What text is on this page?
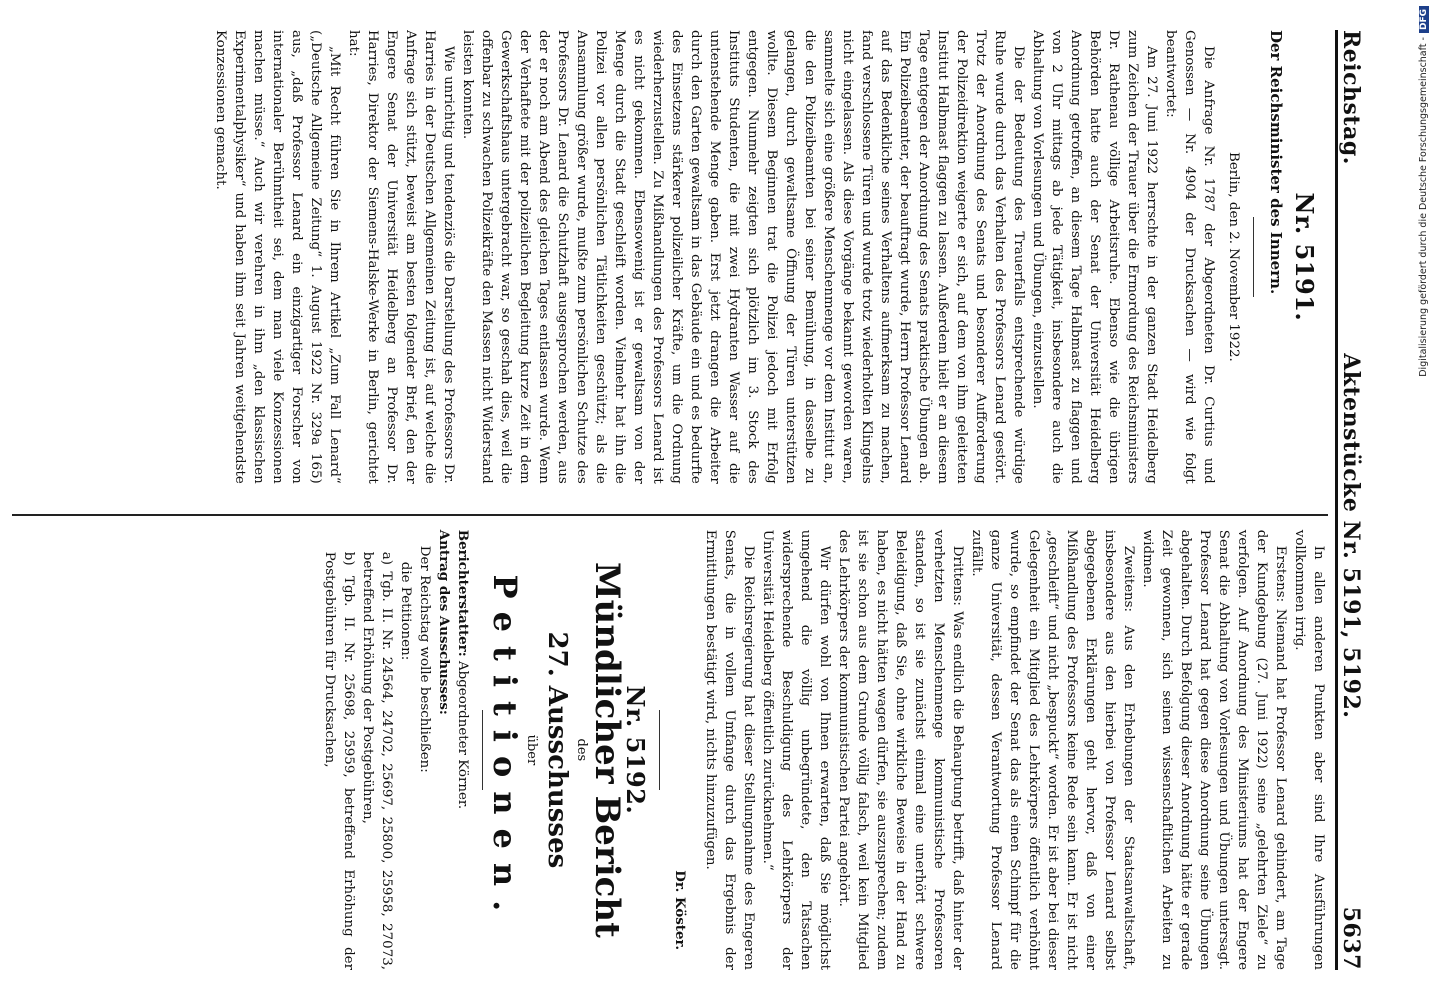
Reichstag.
Aktenstücke Nr. 5191, 5192.
5637
Nr. 5191.
Der Reichsminister des Innern.
Berlin, den 2. November 1922.

Die Anfrage Nr. 1787 der Abgeordneten Dr. Curtius und Genossen — Nr. 4904 der Drucksachen — wird wie folgt beantwortet:

Am 27. Juni 1922 herrschte in der ganzen Stadt Heidelberg zum Zeichen der Trauer über die Ermordung des Reichsministers Dr. Rathenau völlige Arbeitsruhe. Ebenso wie die übrigen Behörden hatte auch der Senat der Universität Heidelberg Anordnung getroffen, an diesem Tage Halbmast zu flaggen und von 2 Uhr mittags ab jede Tätigkeit, insbesondere auch die Abhaltung von Vorlesungen und Übungen, einzustellen.

Die der Bedeutung des Trauerfalls entsprechende würdige Ruhe wurde durch das Verhalten des Professors Lenard gestört. Trotz der Anordnung des Senats und besonderer Aufforderung der Polizeidirektion weigerte er sich, auf dem von ihm geleiteten Institut Halbmast flaggen zu lassen. Außerdem hielt er an diesem Tage entgegen der Anordnung des Senats praktische Übungen ab. Ein Polizeibeamter, der beauftragt wurde, Herrn Professor Lenard auf das Bedenkliche seines Verhaltens aufmerksam zu machen, fand verschlossene Türen und wurde trotz wiederholten Klingelns nicht eingelassen. Als diese Vorgänge bekannt geworden waren, sammelte sich eine größere Menschenmenge vor dem Institut an, die den Polizeibeamten bei seiner Bemühung, in dasselbe zu gelangen, durch gewaltsame Öffnung der Türen unterstützen wollte. Diesem Beginnen trat die Polizei jedoch mit Erfolg entgegen. Nunmehr zeigten sich plötzlich im 3. Stock des Instituts Studenten, die mit zwei Hydranten Wasser auf die untenstehende Menge gaben. Erst jetzt drangen die Arbeiter durch den Garten gewaltsam in das Gebäude ein und es bedurfte des Einsetzens stärkerer polizeilicher Kräfte, um die Ordnung wiederherzustellen. Zu Mißhandlungen des Professors Lenard ist es nicht gekommen. Ebensowenig ist er gewaltsam von der Menge durch die Stadt geschleift worden. Vielmehr hat ihn die Polizei vor allen persönlichen Tätlichkeiten geschützt; als die Ansammlung größer wurde, mußte zum persönlichen Schutze des Professors Dr. Lenard die Schutzhaft ausgesprochen werden, aus der er noch am Abend des gleichen Tages entlassen wurde. Wenn der Verhaftete mit der polizeilichen Begleitung kurze Zeit in dem Gewerkschaftshaus untergebracht war, so geschah dies, weil die offenbar zu schwachen Polizeikräfte den Massen nicht Widerstand leisten konnten.

Wie unrichtig und tendenziös die Darstellung des Professors Dr. Harries in der Deutschen Allgemeinen Zeitung ist, auf welche die Anfrage sich stützt, beweist am besten folgender Brief, den der Engere Senat der Universität Heidelberg an Professor Dr. Harries, Direktor der Siemens-Halske-Werke in Berlin, gerichtet hat:

„Mit Recht führen Sie in Ihrem Artikel „Zum Fall Lenard“ („Deutsche Allgemeine Zeitung“ 1. August 1922 Nr. 329a 165) aus, „daß Professor Lenard ein einzigartiger Forscher von internationaler Berühmtheit sei, dem man viele Konzessionen machen müsse.“ Auch wir verehren in ihm „den klassischen Experimentalphysiker“ und haben ihm seit Jahren weitgehendste Konzessionen gemacht.

In allen anderen Punkten aber sind Ihre Ausführungen vollkommen irrig.

Erstens: Niemand hat Professor Lenard gehindert, am Tage der Kundgebung (27. Juni 1922) seine „gelehrten Ziele“ zu verfolgen. Auf Anordnung des Ministeriums hat der Engere Senat die Abhaltung von Vorlesungen und Übungen untersagt. Professor Lenard hat gegen diese Anordnung seine Übungen abgehalten. Durch Befolgung dieser Anordnung hätte er gerade Zeit gewonnen, sich seinen wissenschaftlichen Arbeiten zu widmen.

Zweitens: Aus den Erhebungen der Staatsanwaltschaft, insbesondere aus den hierbei von Professor Lenard selbst abgegebenen Erklärungen geht hervor, daß von einer Mißhandlung des Professors keine Rede sein kann. Er ist nicht „geschleift“ und nicht „bespuckt“ worden. Er ist aber bei dieser Gelegenheit ein Mitglied des Lehrkörpers öffentlich verhöhnt wurde, so empfindet der Senat das als einen Schimpf für die ganze Universität, dessen Verantwortung Professor Lenard zufällt.

Drittens: Was endlich die Behauptung betrifft, daß hinter der verhetzten Menschenmenge kommunistische Professoren standen, so ist sie zunächst einmal eine unerhört schwere Beleidigung, daß Sie, ohne wirkliche Beweise in der Hand zu haben, es nicht hätten wagen dürfen, sie auszusprechen; zudem ist sie schon aus dem Grunde völlig falsch, weil kein Mitglied des Lehrkörpers der kommunistischen Partei angehört.

Wir dürfen wohl von Ihnen erwarten, daß Sie möglichst umgehend die völlig unbegründete, den Tatsachen widersprechende Beschuldigung des Lehrkörpers der Universität Heidelberg öffentlich zurücknehmen.“

Die Reichsregierung hat dieser Stellungnahme des Engeren Senats, die in vollem Umfange durch das Ergebnis der Ermittlungen bestätigt wird, nichts hinzuzufügen.

Dr. Köster.
Nr. 5192.
Mündlicher Bericht
des
27. Ausschusses
über
Petitionen.

Berichterstatter: Abgeordneter Körner.

Antrag des Ausschusses:

Der Reichstag wolle beschließen:

die Petitionen:

a) Tgb. II. Nr. 24564, 24702, 25697, 25800, 25958, 27073, betreffend Erhöhung der Postgebühren,

b) Tgb. II. Nr. 25698, 25959, betreffend Erhöhung der Postgebühren für Drucksachen,

Digitalisierung gefördert durch die Deutsche Forschungsgemeinschaft -DFG
